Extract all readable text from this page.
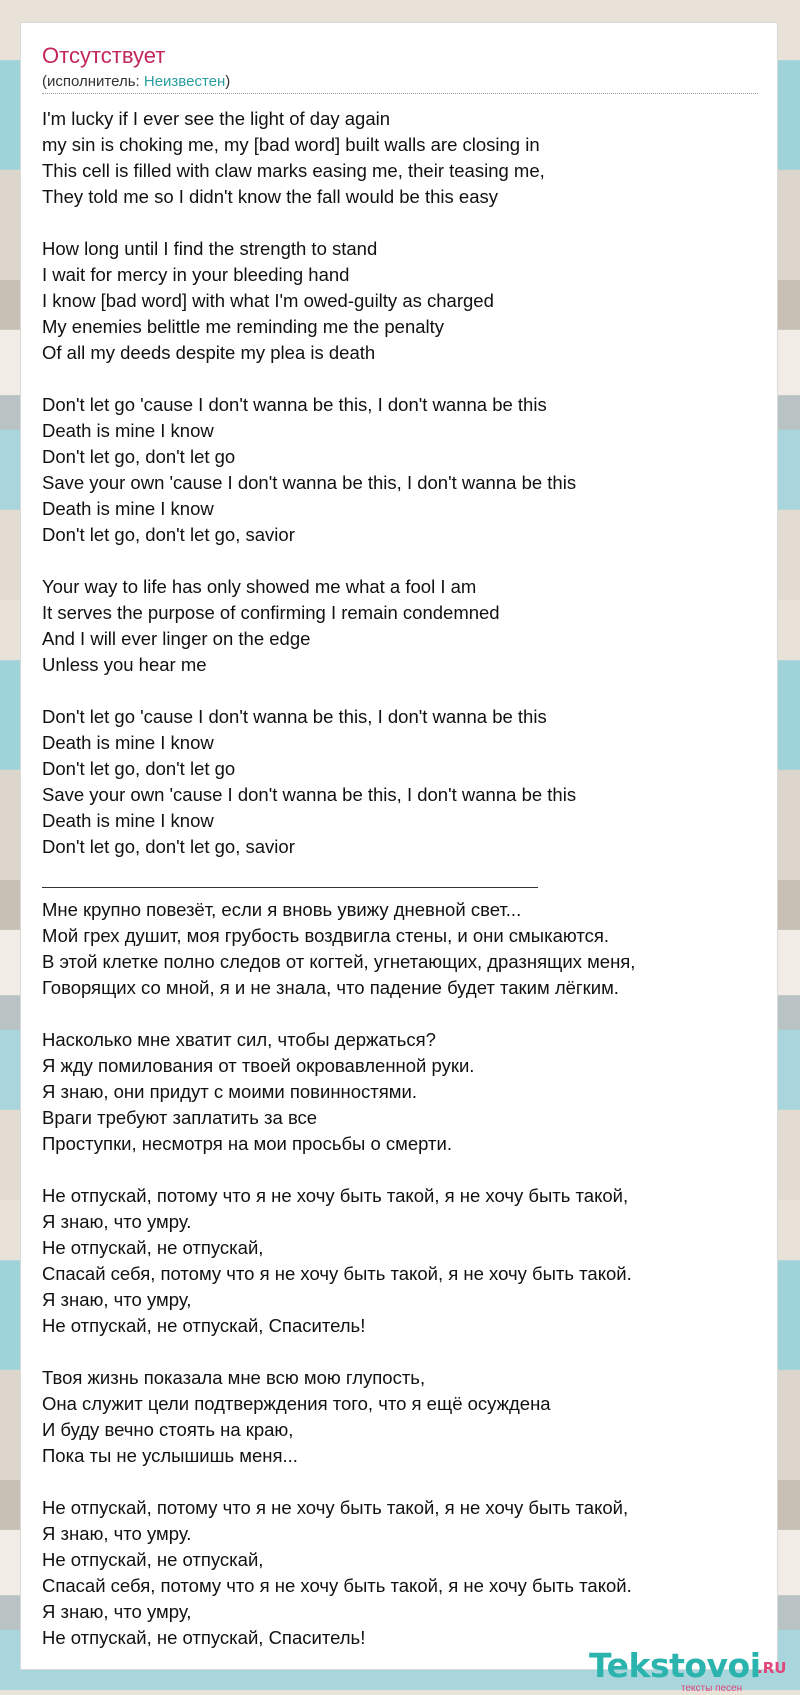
Отсутствует
(исполнитель: Неизвестен)
I'm lucky if I ever see the light of day again
my sin is choking me, my [bad word] built walls are closing in
This cell is filled with claw marks easing me, their teasing me,
They told me so I didn't know the fall would be this easy
How long until I find the strength to stand
I wait for mercy in your bleeding hand
I know [bad word] with what I'm owed-guilty as charged
My enemies belittle me reminding me the penalty
Of all my deeds despite my plea is death
Don't let go 'cause I don't wanna be this, I don't wanna be this
Death is mine I know
Don't let go, don't let go
Save your own 'cause I don't wanna be this, I don't wanna be this
Death is mine I know
Don't let go, don't let go, savior
Your way to life has only showed me what a fool I am
It serves the purpose of confirming I remain condemned
And I will ever linger on the edge
Unless you hear me
Don't let go 'cause I don't wanna be this, I don't wanna be this
Death is mine I know
Don't let go, don't let go
Save your own 'cause I don't wanna be this, I don't wanna be this
Death is mine I know
Don't let go, don't let go, savior
Мне крупно повезёт, если я вновь увижу дневной свет...
Мой грех душит, моя грубость воздвигла стены, и они смыкаются.
В этой клетке полно следов от когтей, угнетающих, дразнящих меня,
Говорящих со мной, я и не знала, что падение будет таким лёгким.
Насколько мне хватит сил, чтобы держаться?
Я жду помилования от твоей окровавленной руки.
Я знаю, они придут с моими повинностями.
Враги требуют заплатить за все
Проступки, несмотря на мои просьбы о смерти.
Не отпускай, потому что я не хочу быть такой, я не хочу быть такой,
Я знаю, что умру.
Не отпускай, не отпускай,
Спасай себя, потому что я не хочу быть такой, я не хочу быть такой.
Я знаю, что умру,
Не отпускай, не отпускай, Спаситель!
Твоя жизнь показала мне всю мою глупость,
Она служит цели подтверждения того, что я ещё осуждена
И буду вечно стоять на краю,
Пока ты не услышишь меня...
Не отпускай, потому что я не хочу быть такой, я не хочу быть такой,
Я знаю, что умру.
Не отпускай, не отпускай,
Спасай себя, потому что я не хочу быть такой, я не хочу быть такой.
Я знаю, что умру,
Не отпускай, не отпускай, Спаситель!
Tekstovoi
.RU
тексты песен
